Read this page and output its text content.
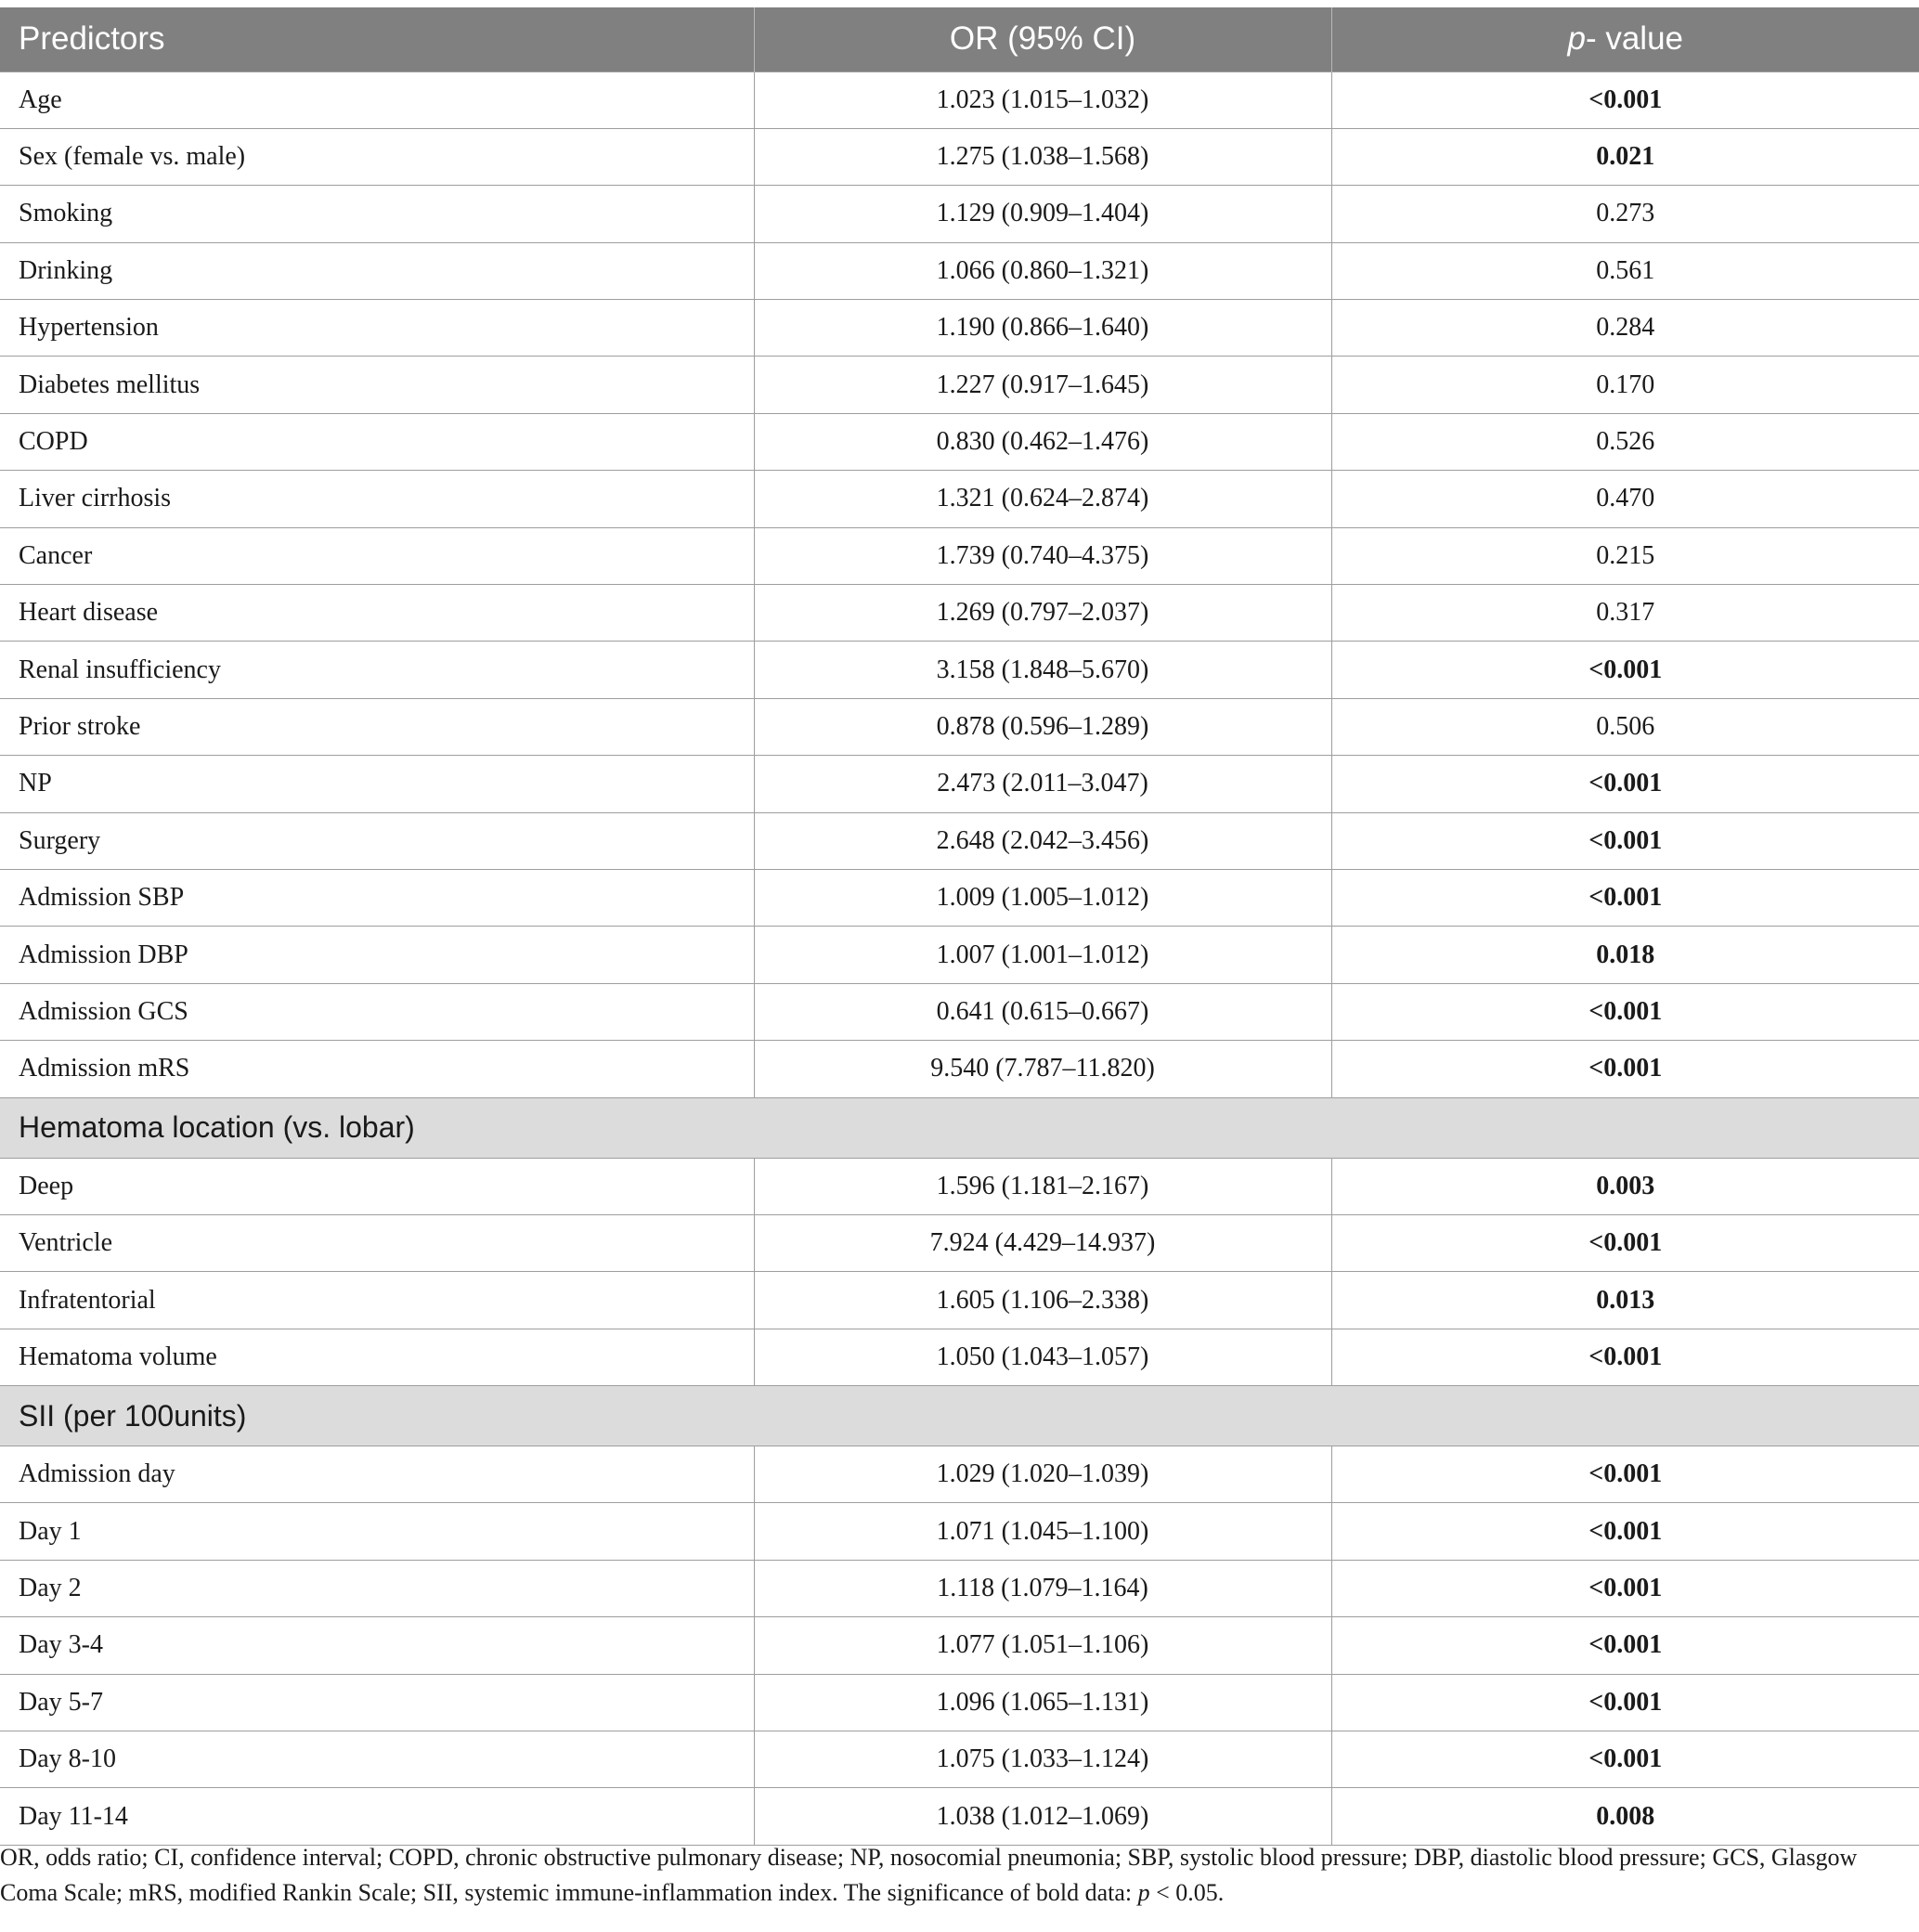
Predictors	OR (95% CI)	p- value
Age	1.023 (1.015–1.032)	<0.001
Sex (female vs. male)	1.275 (1.038–1.568)	0.021
Smoking	1.129 (0.909–1.404)	0.273
Drinking	1.066 (0.860–1.321)	0.561
Hypertension	1.190 (0.866–1.640)	0.284
Diabetes mellitus	1.227 (0.917–1.645)	0.170
COPD	0.830 (0.462–1.476)	0.526
Liver cirrhosis	1.321 (0.624–2.874)	0.470
Cancer	1.739 (0.740–4.375)	0.215
Heart disease	1.269 (0.797–2.037)	0.317
Renal insufficiency	3.158 (1.848–5.670)	<0.001
Prior stroke	0.878 (0.596–1.289)	0.506
NP	2.473 (2.011–3.047)	<0.001
Surgery	2.648 (2.042–3.456)	<0.001
Admission SBP	1.009 (1.005–1.012)	<0.001
Admission DBP	1.007 (1.001–1.012)	0.018
Admission GCS	0.641 (0.615–0.667)	<0.001
Admission mRS	9.540 (7.787–11.820)	<0.001
Hematoma location (vs. lobar)		
Deep	1.596 (1.181–2.167)	0.003
Ventricle	7.924 (4.429–14.937)	<0.001
Infratentorial	1.605 (1.106–2.338)	0.013
Hematoma volume	1.050 (1.043–1.057)	<0.001
SII (per 100units)		
Admission day	1.029 (1.020–1.039)	<0.001
Day 1	1.071 (1.045–1.100)	<0.001
Day 2	1.118 (1.079–1.164)	<0.001
Day 3-4	1.077 (1.051–1.106)	<0.001
Day 5-7	1.096 (1.065–1.131)	<0.001
Day 8-10	1.075 (1.033–1.124)	<0.001
Day 11-14	1.038 (1.012–1.069)	0.008
OR, odds ratio; CI, confidence interval; COPD, chronic obstructive pulmonary disease; NP, nosocomial pneumonia; SBP, systolic blood pressure; DBP, diastolic blood pressure; GCS, Glasgow Coma Scale; mRS, modified Rankin Scale; SII, systemic immune-inflammation index. The significance of bold data: p < 0.05.
